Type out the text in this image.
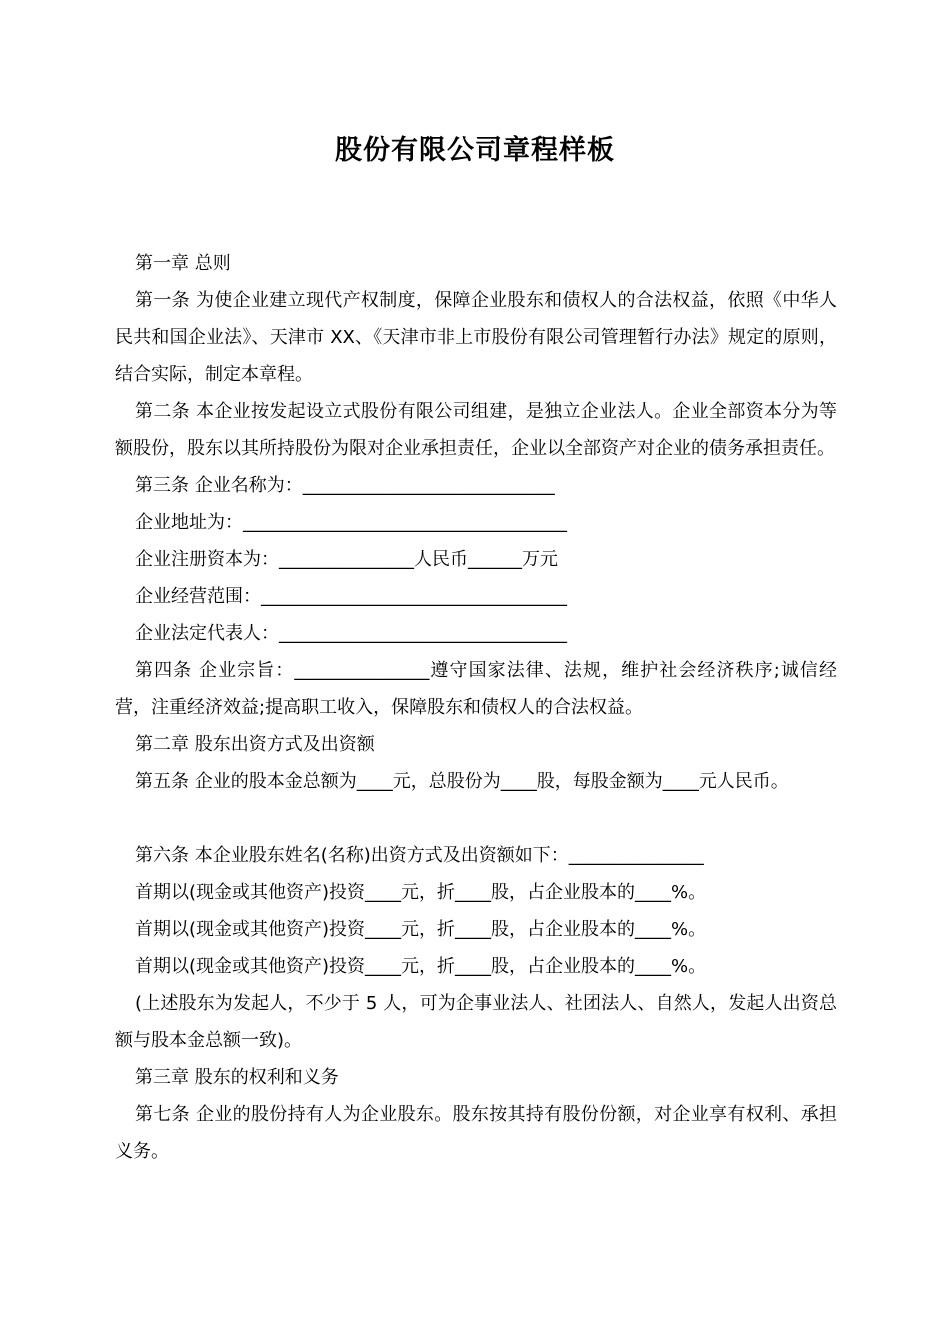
股份有限公司章程样板

第一章 总则

第一条 为使企业建立现代产权制度，保障企业股东和债权人的合法权益，依照《中华人民共和国企业法》、天津市 XX、《天津市非上市股份有限公司管理暂行办法》规定的原则，结合实际，制定本章程。

第二条 本企业按发起设立式股份有限公司组建，是独立企业法人。企业全部资本分为等额股份，股东以其所持股份为限对企业承担责任，企业以全部资产对企业的债务承担责任。

第三条 企业名称为：____________________________

企业地址为：____________________________________

企业注册资本为：_______________人民币______万元

企业经营范围：__________________________________

企业法定代表人：________________________________

第四条 企业宗旨：_______________遵守国家法律、法规，维护社会经济秩序;诚信经营，注重经济效益;提高职工收入，保障股东和债权人的合法权益。

第二章 股东出资方式及出资额

第五条 企业的股本金总额为____元，总股份为____股，每股金额为____元人民币。

第六条 本企业股东姓名(名称)出资方式及出资额如下：_______________

首期以(现金或其他资产)投资____元，折____股，占企业股本的____%。

首期以(现金或其他资产)投资____元，折____股，占企业股本的____%。

首期以(现金或其他资产)投资____元，折____股，占企业股本的____%。

(上述股东为发起人，不少于 5 人，可为企事业法人、社团法人、自然人，发起人出资总额与股本金总额一致)。

第三章 股东的权利和义务

第七条 企业的股份持有人为企业股东。股东按其持有股份份额，对企业享有权利、承担义务。
